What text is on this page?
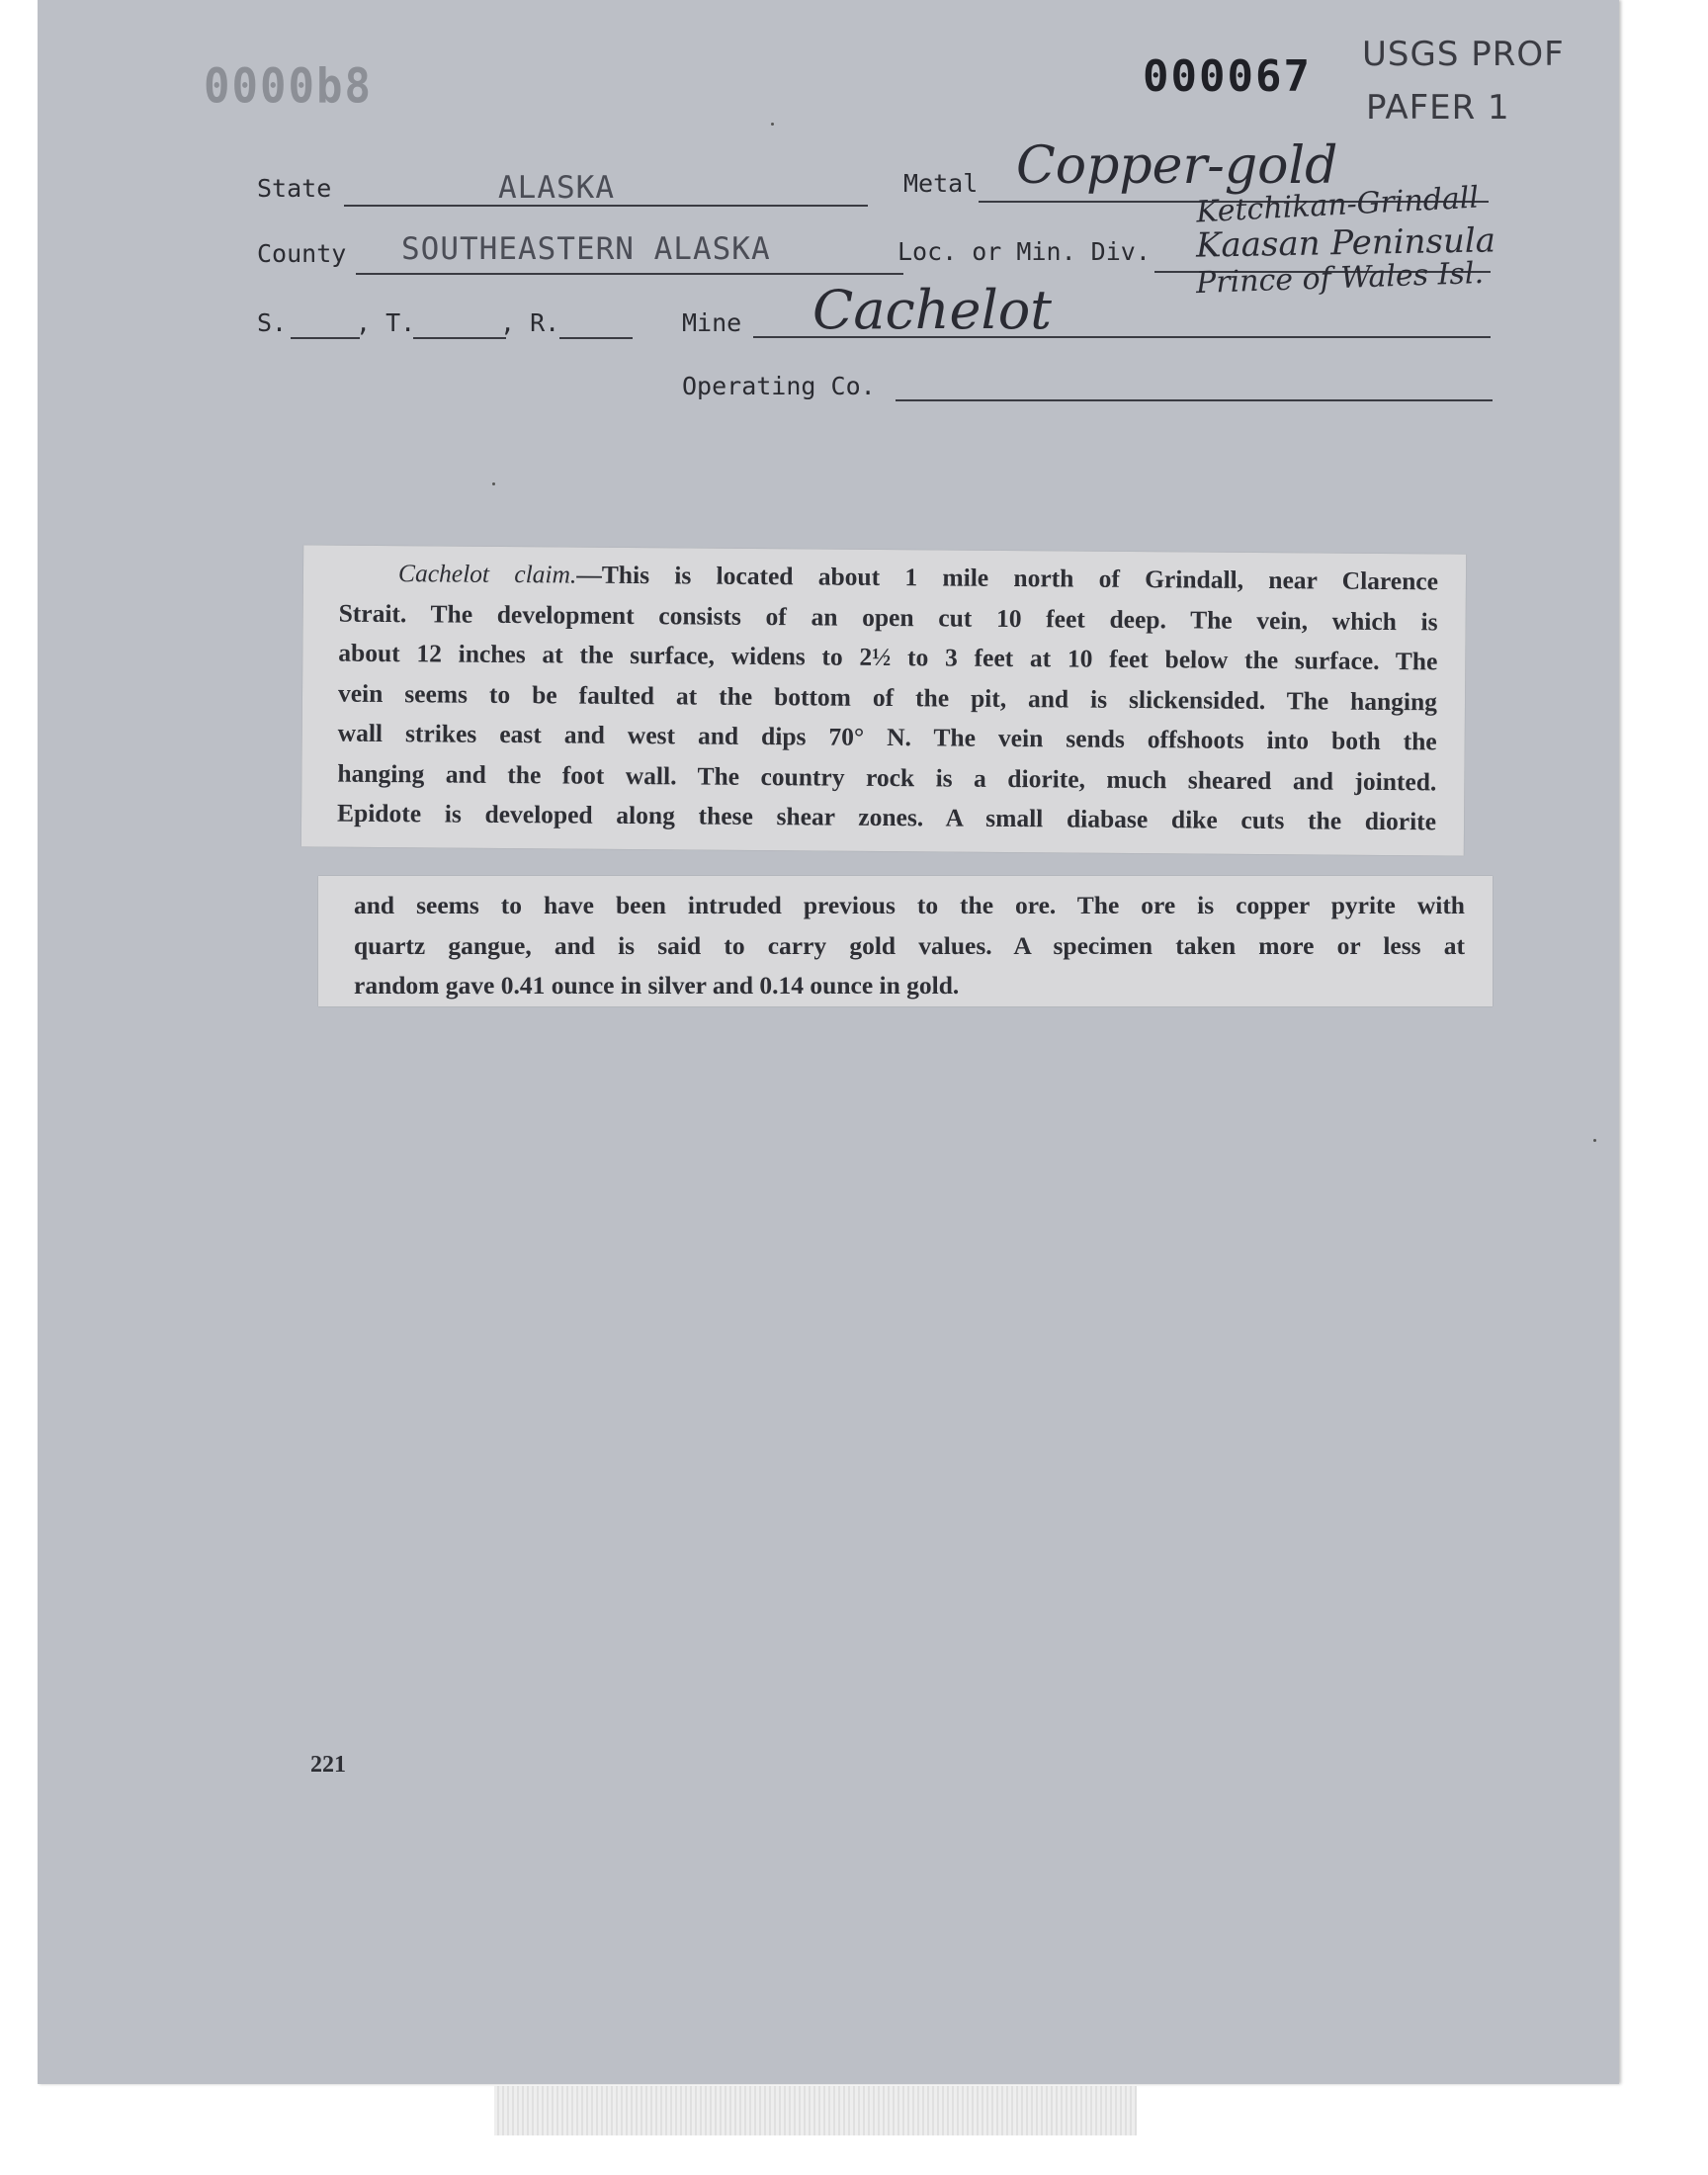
0000b8	000067 USGS PROF
PAFER 1
State	ALASKA	Metal Copper-gold
County SOUTHEASTERN ALASKA	Loc. or Min. Div.
Ketchikan-Grindall
Kaasan Peninsula
Prince of Wales Isl.
S.	, T.	, R.	Mine Cachelot
Operating Co.

Cachelot claim.—This is located about 1 mile north of Grindall, near Clarence

Strait. The development consists of an open cut 10 feet deep. The vein, which is

about 12 inches at the surface, widens to 2½ to 3 feet at 10 feet below the surface. The

vein seems to be faulted at the bottom of the pit, and is slickensided. The hanging

wall strikes east and west and dips 70° N. The vein sends offshoots into both the

hanging and the foot wall. The country rock is a diorite, much sheared and jointed.

Epidote is developed along these shear zones. A small diabase dike cuts the diorite

and seems to have been intruded previous to the ore. The ore is copper pyrite with

quartz gangue, and is said to carry gold values. A specimen taken more or less at

random gave 0.41 ounce in silver and 0.14 ounce in gold.

221
